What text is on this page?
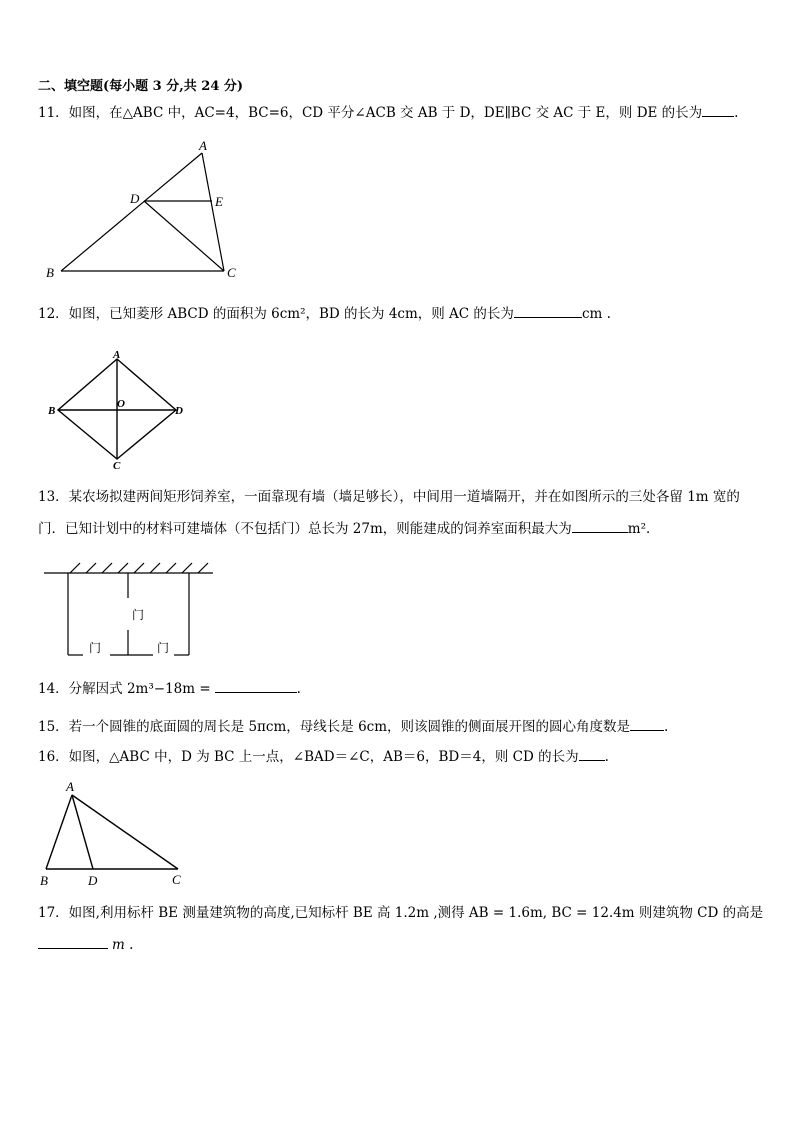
二、填空题(每小题 3 分,共 24 分)
11．如图，在△ABC 中，AC=4，BC=6，CD 平分∠ACB 交 AB 于 D，DE∥BC 交 AC 于 E，则 DE 的长为 .
A
D	E
B	C
12．如图，已知菱形 ABCD 的面积为 6cm²，BD 的长为 4cm，则 AC 的长为	cm .
A
B	D
C
O
13．某农场拟建两间矩形饲养室，一面靠现有墙（墙足够长），中间用一道墙隔开，并在如图所示的三处各留 1m 宽的
门．已知计划中的材料可建墙体（不包括门）总长为 27m，则能建成的饲养室面积最大为	m²．
门
门	门
14．分解因式 2m³−18m =	.
15．若一个圆锥的底面圆的周长是 5πcm，母线长是 6cm，则该圆锥的侧面展开图的圆心角度数是	.
16．如图，△ABC 中，D 为 BC 上一点，∠BAD＝∠C，AB＝6，BD＝4，则 CD 的长为 .
A
B	D	C
17．如图,利用标杆 BE 测量建筑物的高度,已知标杆 BE 高 1.2m ,测得 AB = 1.6m, BC = 12.4m 则建筑物 CD 的高是
m .
